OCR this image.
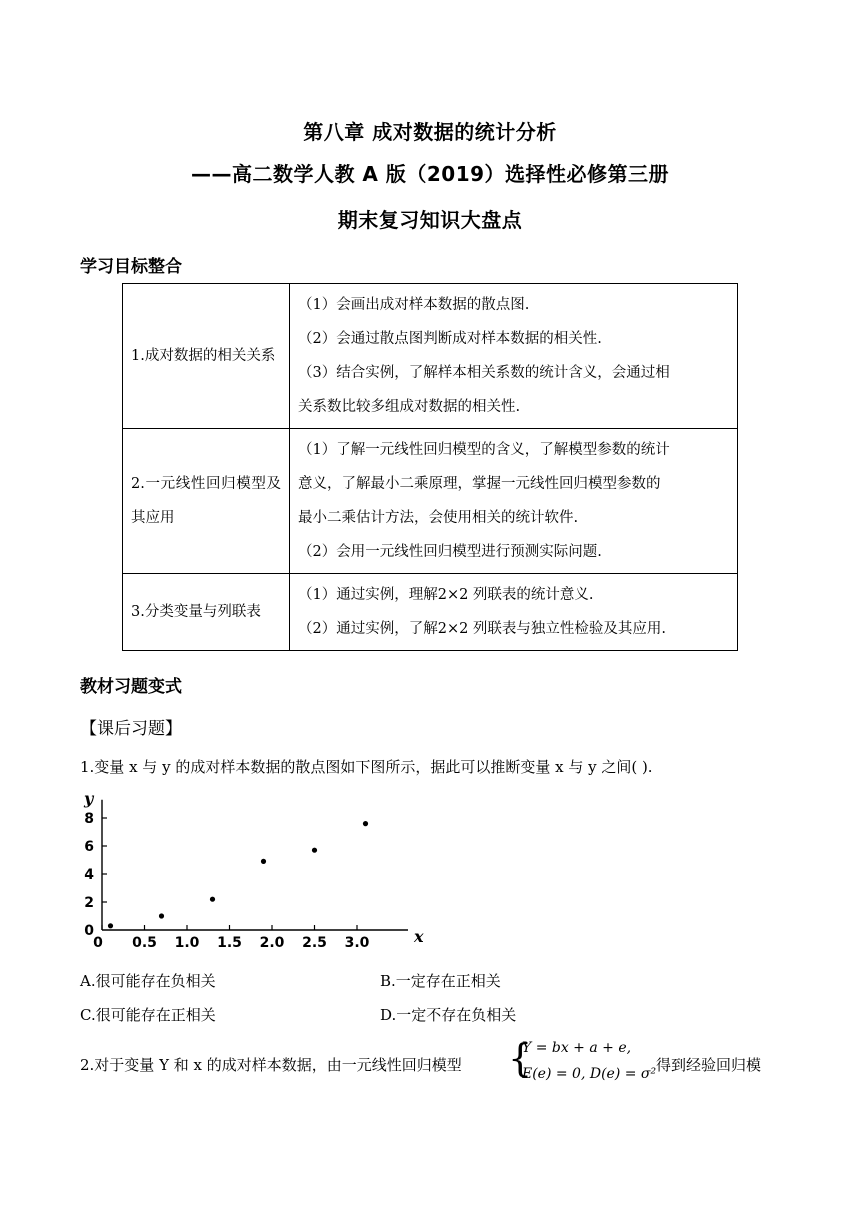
第八章 成对数据的统计分析
——高二数学人教 A 版（2019）选择性必修第三册
期末复习知识大盘点
学习目标整合
1.成对数据的相关关系	（1）会画出成对样本数据的散点图.
（2）会通过散点图判断成对样本数据的相关性.
（3）结合实例，了解样本相关系数的统计含义，会通过相
关系数比较多组成对数据的相关性.

2.一元线性回归模型及其应用	（1）了解一元线性回归模型的含义，了解模型参数的统计
意义，了解最小二乘原理，掌握一元线性回归模型参数的
最小二乘估计方法，会使用相关的统计软件.
（2）会用一元线性回归模型进行预测实际问题.

3.分类变量与列联表	（1）通过实例，理解2×2 列联表的统计意义.
（2）通过实例，了解2×2 列联表与独立性检验及其应用.
教材习题变式
【课后习题】
1.变量 x 与 y 的成对样本数据的散点图如下图所示，据此可以推断变量 x 与 y 之间( ).
0 0.5 1.0 1.5 2.0 2.5 3.0
0
2
4
6
8
x
y
A.很可能存在负相关	B.一定存在正相关
C.很可能存在正相关	D.一定不存在负相关
2.对于变量 Y 和 x 的成对样本数据，由一元线性回归模型 {
Y = bx + a + e,
E(e) = 0, D(e) = σ² 得到经验回归模
